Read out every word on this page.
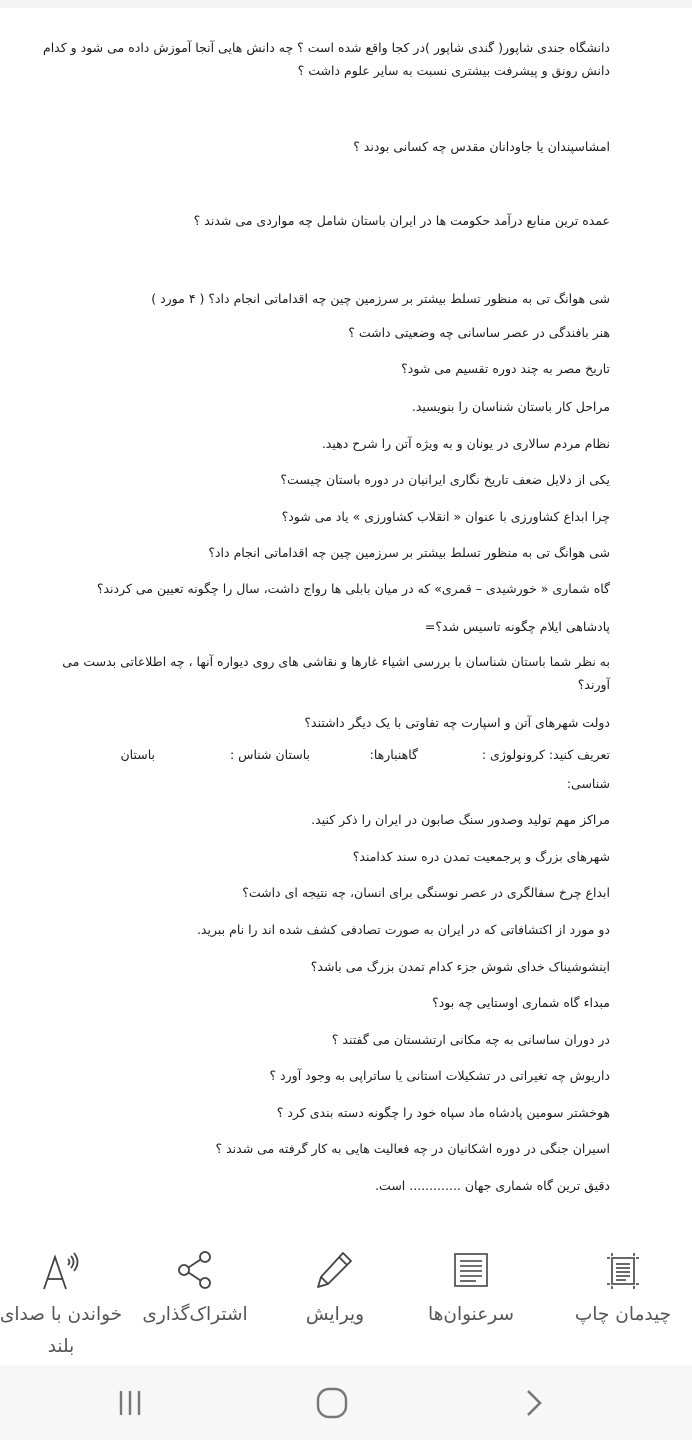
دانشگاه جندی شاپور( گندی شاپور )در کجا واقع شده است ؟ چه دانش هایی آنجا آموزش داده می شود و کدام دانش رونق و پیشرفت بیشتری نسبت به سایر علوم داشت ؟

امشاسپندان یا جاودانان مقدس چه کسانی بودند ؟

عمده ترین منابع درآمد حکومت ها در ایران باستان شامل چه مواردی می شدند ؟

شی هوانگ تی به منظور تسلط بیشتر بر سرزمین چین چه اقداماتی انجام داد؟ ( ۴ مورد )

هنر بافندگی در عصر ساسانی چه وضعیتی داشت ؟

تاریخ مصر به چند دوره تقسیم می شود؟

مراحل کار باستان شناسان را بنویسید.

نظام مردم سالاری در یونان و به ویژه آتن را شرح دهید.

یکی از دلایل ضعف تاریخ نگاری ایرانیان در دوره باستان چیست؟

چرا ابداع کشاورزی با عنوان « انقلاب کشاورزی » یاد می شود؟

شی هوانگ تی به منظور تسلط بیشتر بر سرزمین چین چه اقداماتی انجام داد؟

گاه شماری « خورشیدی – قمری» که در میان بابلی ها رواج داشت، سال را چگونه تعیین می کردند؟

پادشاهی ایلام چگونه تاسیس شد؟=

به نظر شما باستان شناسان با بررسی اشیاء غارها و نقاشی های روی دیواره آنها ، چه اطلاعاتی بدست می آورند؟

دولت شهرهای آتن و اسپارت چه تفاوتی با یک دیگر داشتند؟

تعریف کنید: کرونولوژی :
گاهنبارها:
باستان شناس :
باستان

شناسی:

مراکز مهم تولید وصدور سنگ صابون در ایران را ذکر کنید.

شهرهای بزرگ و پرجمعیت تمدن دره سند کدامند؟

ابداع چرخ سفالگری در عصر نوسنگی برای انسان، چه نتیجه ای داشت؟

دو مورد از اکتشافاتی که در ایران به صورت تصادفی کشف شده اند را نام ببرید.

اینشوشیناک خدای شوش جزء کدام تمدن بزرگ می باشد؟

مبداء گاه شماری اوستایی چه بود؟

در دوران ساسانی به چه مکانی ارتشستان می گفتند ؟

داریوش چه تغیراتی در تشکیلات استانی یا ساتراپی به وجود آورد ؟

هوخشتر سومین پادشاه ماد سپاه خود را چگونه دسته بندی کرد ؟

اسیران جنگی در دوره اشکانیان در چه فعالیت هایی به کار گرفته می شدند ؟

دقیق ترین گاه شماری جهان ............. است.

چیدمان چاپ
سرعنوان‌ها
ویرایش
اشتراک‌گذاری
خواندن با صدای بلند
